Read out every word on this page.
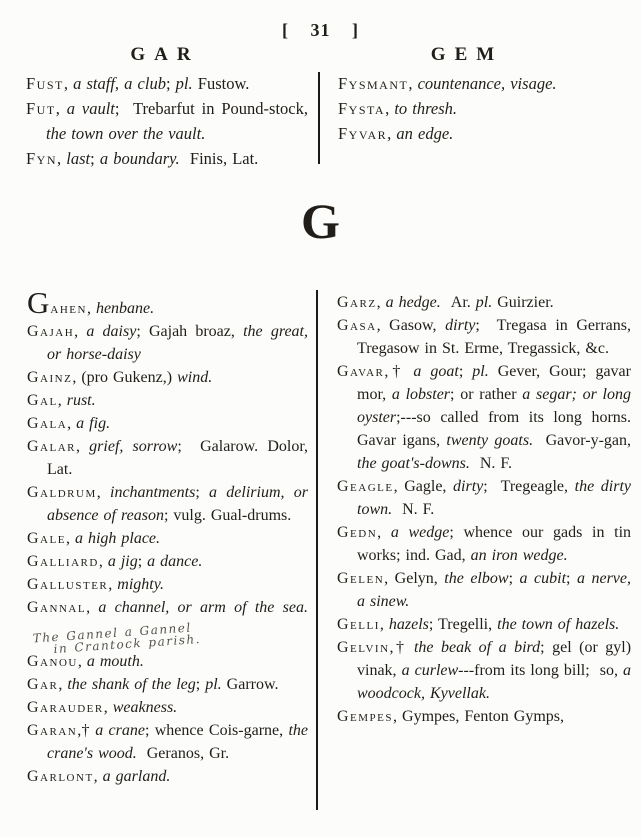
[ 31 ]
GAR	GEM

Fust, a staff, a club; pl. Fustow.

Fut, a vault;  Trebarfut in Pound-stock, the town over the vault.

Fyn, last; a boundary.  Finis, Lat.

Fysmant, countenance, visage.

Fysta, to thresh.

Fyvar, an edge.

G

Gahen, henbane.

Gajah, a daisy; Gajah broaz, the great, or horse-daisy

Gainz, (pro Gukenz,) wind.

Gal, rust.

Gala, a fig.

Galar, grief, sorrow;  Galarow. Dolor, Lat.

Galdrum, inchantments; a delirium, or absence of reason; vulg. Gual-drums.

Gale, a high place.

Galliard, a jig; a dance.

Galluster, mighty.

Gannal, a channel, or arm of the sea.The Gannel a Gannel
in Crantock parish.

Ganou, a mouth.

Gar, the shank of the leg; pl. Garrow.

Garauder, weakness.

Garan,† a crane; whence Cois-garne, the crane's wood.  Geranos, Gr.

Garlont, a garland.

Garz, a hedge.  Ar. pl. Guirzier.

Gasa, Gasow, dirty;  Tregasa in Gerrans, Tregasow in St. Erme, Tregassick, &c.

Gavar,† a goat; pl. Gever, Gour; gavar mor, a lobster; or rather a segar; or long oyster;---so called from its long horns. Gavar igans, twenty goats.  Gavor-y-gan, the goat's-downs.  N. F.

Geagle, Gagle, dirty;  Tregeagle, the dirty town.  N. F.

Gedn, a wedge; whence our gads in tin works; ind. Gad, an iron wedge.

Gelen, Gelyn, the elbow; a cubit; a nerve, a sinew.

Gelli, hazels; Tregelli, the town of hazels.

Gelvin,† the beak of a bird; gel (or gyl) vinak, a curlew---from its long bill;  so, a woodcock, Kyvellak.

Gempes, Gympes, Fenton Gymps,
